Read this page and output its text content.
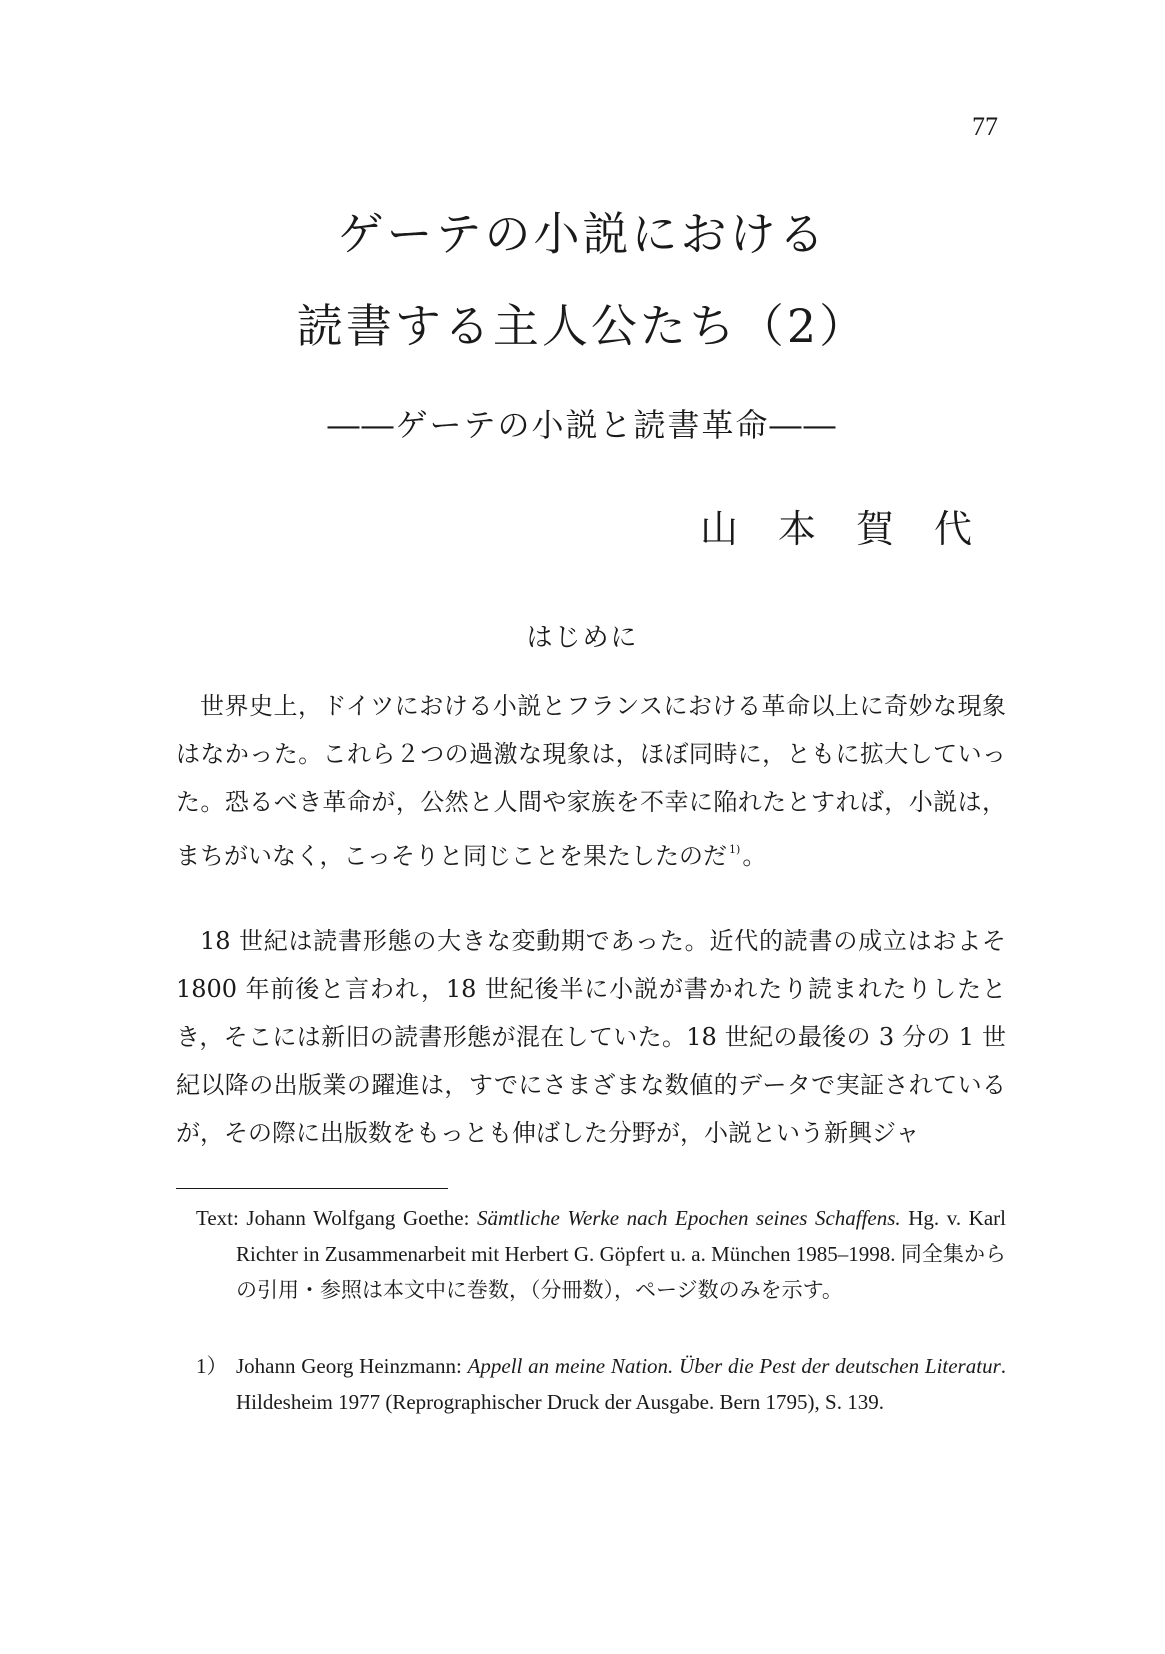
77
ゲーテの小説における
読書する主人公たち（2）
――ゲーテの小説と読書革命――
山本賀代
はじめに

世界史上，ドイツにおける小説とフランスにおける革命以上に奇妙な現象はなかった。これら２つの過激な現象は，ほぼ同時に，ともに拡大していった。恐るべき革命が，公然と人間や家族を不幸に陥れたとすれば，小説は，まちがいなく，こっそりと同じことを果たしたのだ $^{1)}$。

18 世紀は読書形態の大きな変動期であった。近代的読書の成立はおよそ 1800 年前後と言われ，18 世紀後半に小説が書かれたり読まれたりしたとき，そこには新旧の読書形態が混在していた。18 世紀の最後の 3 分の 1 世紀以降の出版業の躍進は，すでにさまざまな数値的データで実証されているが，その際に出版数をもっとも伸ばした分野が，小説という新興ジャ

Text: Johann Wolfgang Goethe: Sämtliche Werke nach Epochen seines Schaffens. Hg. v. Karl Richter in Zusammenarbeit mit Herbert G. Göpfert u. a. München 1985–1998. 同全集からの引用・参照は本文中に巻数，（分冊数），ページ数のみを示す。

1） Johann Georg Heinzmann: Appell an meine Nation. Über die Pest der deutschen Literatur. Hildesheim 1977 (Reprographischer Druck der Ausgabe. Bern 1795), S. 139.
